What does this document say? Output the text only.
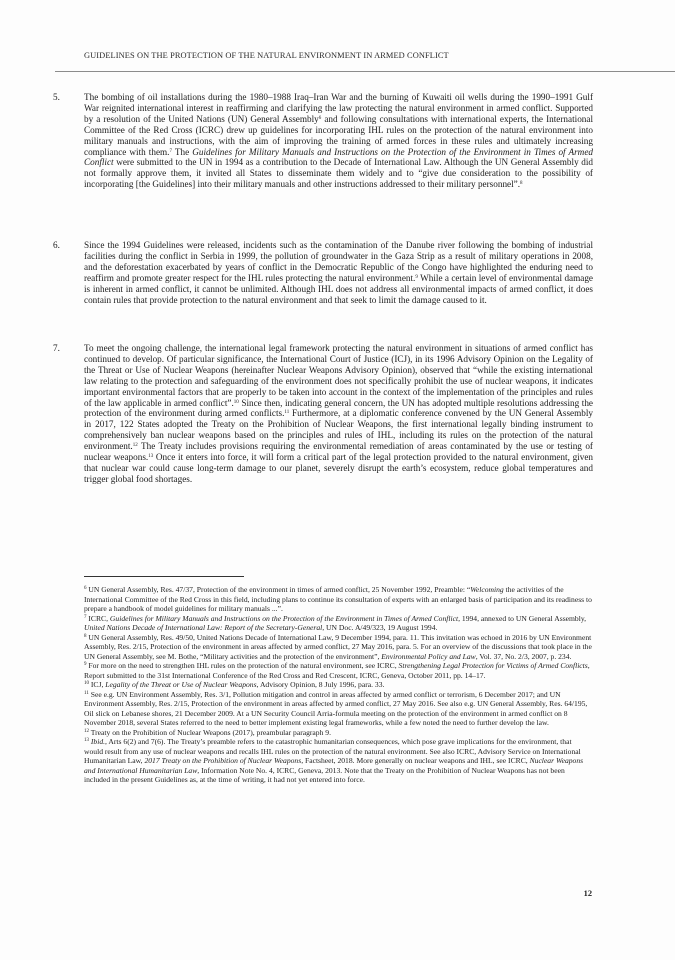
GUIDELINES ON THE PROTECTION OF THE NATURAL ENVIRONMENT IN ARMED CONFLICT
5.	The bombing of oil installations during the 1980–1988 Iraq–Iran War and the burning of Kuwaiti oil wells during the 1990–1991 Gulf War reignited international interest in reaffirming and clarifying the law protecting the natural environment in armed conflict. Supported by a resolution of the United Nations (UN) General Assembly$^6$ and following consultations with international experts, the International Committee of the Red Cross (ICRC) drew up guidelines for incorporating IHL rules on the protection of the natural environment into military manuals and instructions, with the aim of improving the training of armed forces in these rules and ultimately increasing compliance with them.$^7$ The Guidelines for Military Manuals and Instructions on the Protection of the Environment in Times of Armed Conflict were submitted to the UN in 1994 as a contribution to the Decade of International Law. Although the UN General Assembly did not formally approve them, it invited all States to disseminate them widely and to “give due consideration to the possibility of incorporating [the Guidelines] into their military manuals and other instructions addressed to their military personnel”.$^8$
6.	Since the 1994 Guidelines were released, incidents such as the contamination of the Danube river following the bombing of industrial facilities during the conflict in Serbia in 1999, the pollution of groundwater in the Gaza Strip as a result of military operations in 2008, and the deforestation exacerbated by years of conflict in the Democratic Republic of the Congo have highlighted the enduring need to reaffirm and promote greater respect for the IHL rules protecting the natural environment.$^9$ While a certain level of environmental damage is inherent in armed conflict, it cannot be unlimited. Although IHL does not address all environmental impacts of armed conflict, it does contain rules that provide protection to the natural environment and that seek to limit the damage caused to it.
7.	To meet the ongoing challenge, the international legal framework protecting the natural environment in situations of armed conflict has continued to develop. Of particular significance, the International Court of Justice (ICJ), in its 1996 Advisory Opinion on the Legality of the Threat or Use of Nuclear Weapons (hereinafter Nuclear Weapons Advisory Opinion), observed that “while the existing international law relating to the protection and safeguarding of the environment does not specifically prohibit the use of nuclear weapons, it indicates important environmental factors that are properly to be taken into account in the context of the implementation of the principles and rules of the law applicable in armed conflict”.$^{10}$ Since then, indicating general concern, the UN has adopted multiple resolutions addressing the protection of the environment during armed conflicts.$^{11}$ Furthermore, at a diplomatic conference convened by the UN General Assembly in 2017, 122 States adopted the Treaty on the Prohibition of Nuclear Weapons, the first international legally binding instrument to comprehensively ban nuclear weapons based on the principles and rules of IHL, including its rules on the protection of the natural environment.$^{12}$ The Treaty includes provisions requiring the environmental remediation of areas contaminated by the use or testing of nuclear weapons.$^{13}$ Once it enters into force, it will form a critical part of the legal protection provided to the natural environment, given that nuclear war could cause long-term damage to our planet, severely disrupt the earth’s ecosystem, reduce global temperatures and trigger global food shortages.

$^6$ UN General Assembly, Res. 47/37, Protection of the environment in times of armed conflict, 25 November 1992, Preamble: “Welcoming the activities of the International Committee of the Red Cross in this field, including plans to continue its consultation of experts with an enlarged basis of participation and its readiness to prepare a handbook of model guidelines for military manuals ...”.

$^7$ ICRC, Guidelines for Military Manuals and Instructions on the Protection of the Environment in Times of Armed Conflict, 1994, annexed to UN General Assembly, United Nations Decade of International Law: Report of the Secretary-General, UN Doc. A/49/323, 19 August 1994.

$^8$ UN General Assembly, Res. 49/50, United Nations Decade of International Law, 9 December 1994, para. 11. This invitation was echoed in 2016 by UN Environment Assembly, Res. 2/15, Protection of the environment in areas affected by armed conflict, 27 May 2016, para. 5. For an overview of the discussions that took place in the UN General Assembly, see M. Bothe, “Military activities and the protection of the environment”, Environmental Policy and Law, Vol. 37, No. 2/3, 2007, p. 234.

$^9$ For more on the need to strengthen IHL rules on the protection of the natural environment, see ICRC, Strengthening Legal Protection for Victims of Armed Conflicts, Report submitted to the 31st International Conference of the Red Cross and Red Crescent, ICRC, Geneva, October 2011, pp. 14–17.

$^{10}$ ICJ, Legality of the Threat or Use of Nuclear Weapons, Advisory Opinion, 8 July 1996, para. 33.

$^{11}$ See e.g. UN Environment Assembly, Res. 3/1, Pollution mitigation and control in areas affected by armed conflict or terrorism, 6 December 2017; and UN Environment Assembly, Res. 2/15, Protection of the environment in areas affected by armed conflict, 27 May 2016. See also e.g. UN General Assembly, Res. 64/195, Oil slick on Lebanese shores, 21 December 2009. At a UN Security Council Arria-formula meeting on the protection of the environment in armed conflict on 8 November 2018, several States referred to the need to better implement existing legal frameworks, while a few noted the need to further develop the law.

$^{12}$ Treaty on the Prohibition of Nuclear Weapons (2017), preambular paragraph 9.

$^{13}$ Ibid., Arts 6(2) and 7(6). The Treaty’s preamble refers to the catastrophic humanitarian consequences, which pose grave implications for the environment, that would result from any use of nuclear weapons and recalls IHL rules on the protection of the natural environment. See also ICRC, Advisory Service on International Humanitarian Law, 2017 Treaty on the Prohibition of Nuclear Weapons, Factsheet, 2018. More generally on nuclear weapons and IHL, see ICRC, Nuclear Weapons and International Humanitarian Law, Information Note No. 4, ICRC, Geneva, 2013. Note that the Treaty on the Prohibition of Nuclear Weapons has not been included in the present Guidelines as, at the time of writing, it had not yet entered into force.

12
